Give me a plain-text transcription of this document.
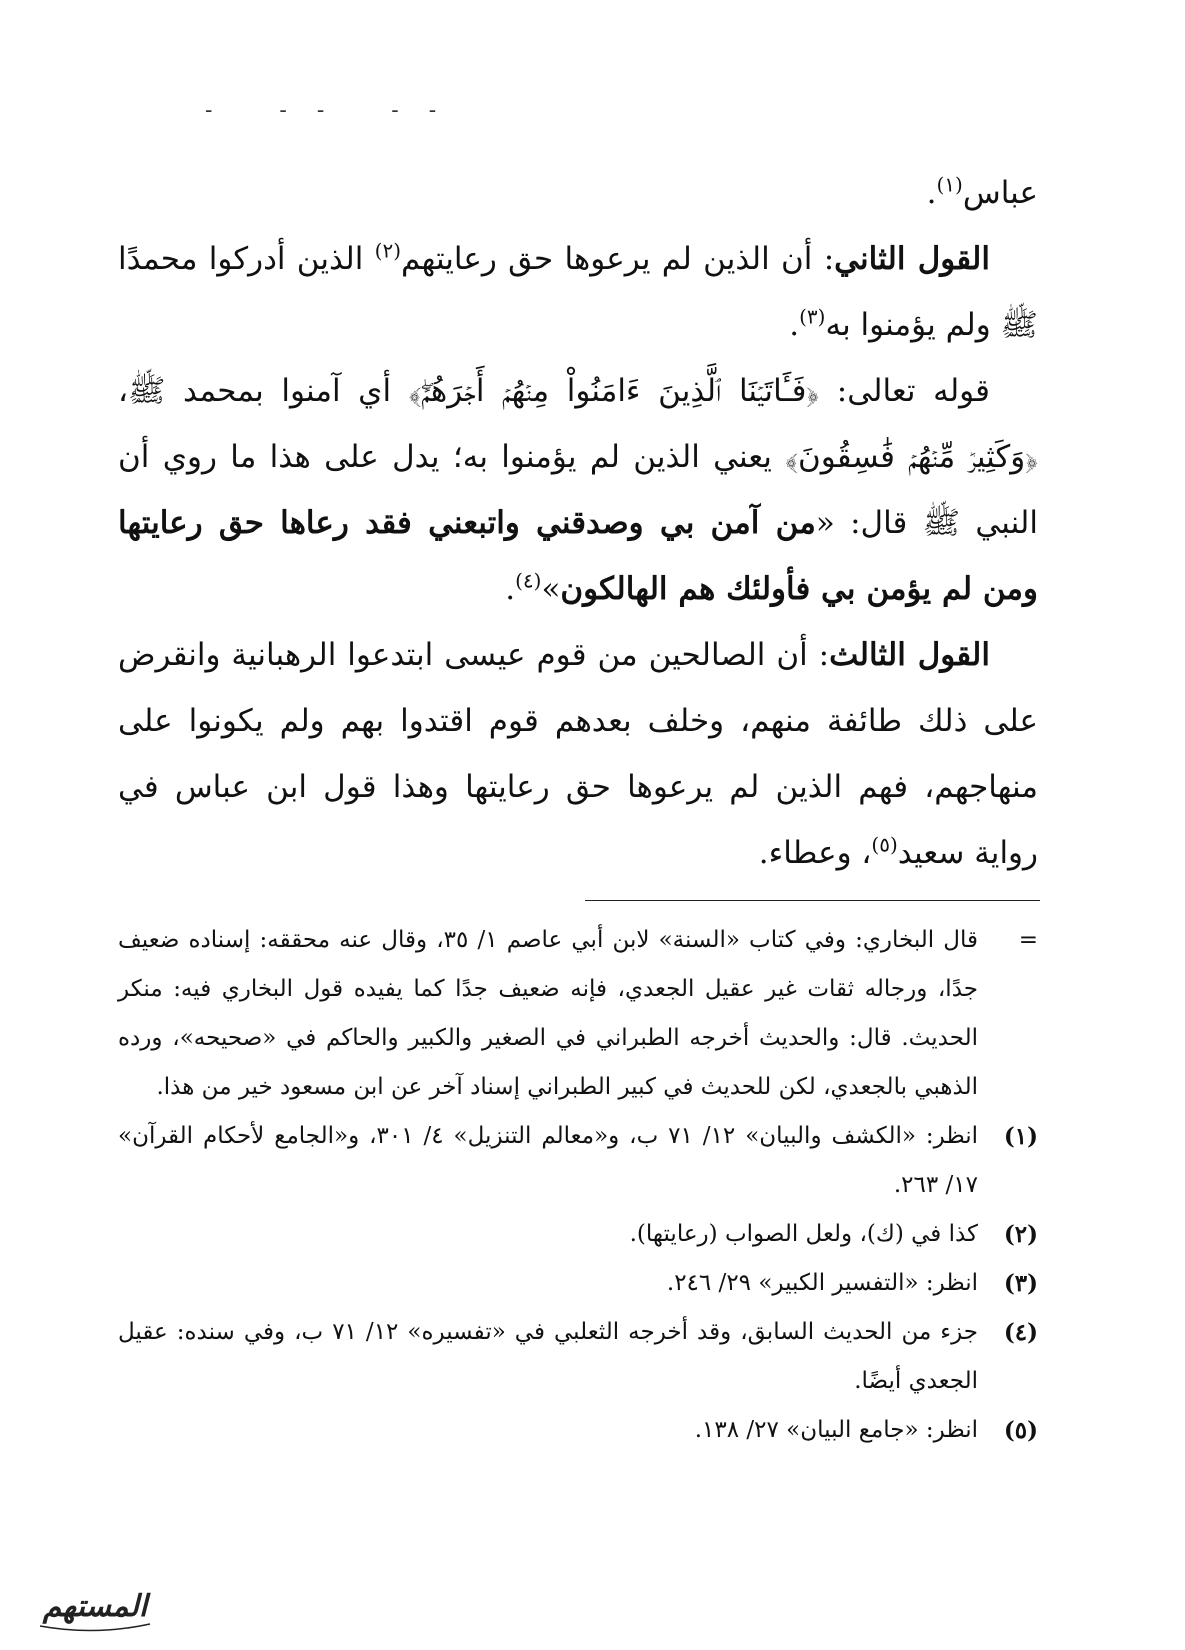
- -- --

عباس$^{(١)}$.

القول الثاني: أن الذين لم يرعوها حق رعايتهم$^{(٢)}$ الذين أدركوا محمدًا ﷺ ولم يؤمنوا به$^{(٣)}$.

قوله تعالى: ﴿فَـَٔاتَيۡنَا ٱلَّذِينَ ءَامَنُواْ مِنۡهُمۡ أَجۡرَهُمۡۖ﴾ أي آمنوا بمحمد ﷺ، ﴿وَكَثِيرٞ مِّنۡهُمۡ فَٰسِقُونَ﴾ يعني الذين لم يؤمنوا به؛ يدل على هذا ما روي أن النبي ﷺ قال: «من آمن بي وصدقني واتبعني فقد رعاها حق رعايتها ومن لم يؤمن بي فأولئك هم الهالكون»$^{(٤)}$.

القول الثالث: أن الصالحين من قوم عيسى ابتدعوا الرهبانية وانقرض على ذلك طائفة منهم، وخلف بعدهم قوم اقتدوا بهم ولم يكونوا على منهاجهم، فهم الذين لم يرعوها حق رعايتها وهذا قول ابن عباس في رواية سعيد$^{(٥)}$، وعطاء.

=

قال البخاري: وفي كتاب «السنة» لابن أبي عاصم ١/ ٣٥، وقال عنه محققه: إسناده ضعيف جدًا، ورجاله ثقات غير عقيل الجعدي، فإنه ضعيف جدًا كما يفيده قول البخاري فيه: منكر الحديث. قال: والحديث أخرجه الطبراني في الصغير والكبير والحاكم في «صحيحه»، ورده الذهبي بالجعدي، لكن للحديث في كبير الطبراني إسناد آخر عن ابن مسعود خير من هذا.

(١)

انظر: «الكشف والبيان» ١٢/ ٧١ ب، و«معالم التنزيل» ٤/ ٣٠١، و«الجامع لأحكام القرآن» ١٧/ ٢٦٣.

(٢)

كذا في (ك)، ولعل الصواب (رعايتها).

(٣)

انظر: «التفسير الكبير» ٢٩/ ٢٤٦.

(٤)

جزء من الحديث السابق، وقد أخرجه الثعلبي في «تفسيره» ١٢/ ٧١ ب، وفي سنده: عقيل الجعدي أيضًا.

(٥)

انظر: «جامع البيان» ٢٧/ ١٣٨.

المستهم
